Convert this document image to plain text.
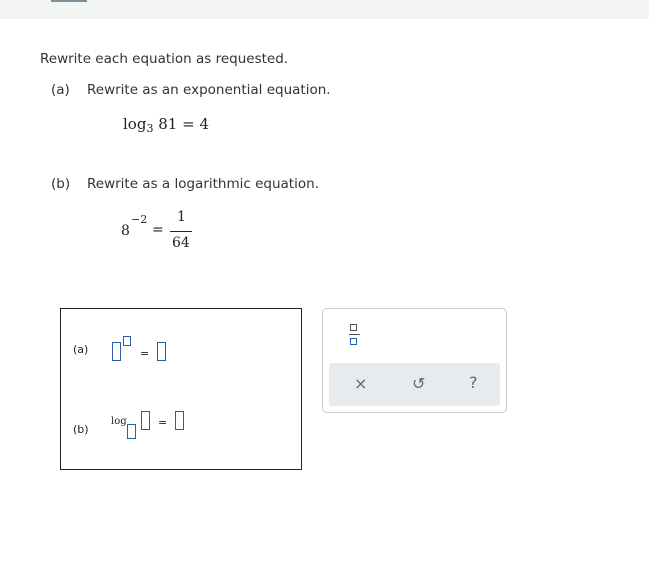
Rewrite each equation as requested.
(a) Rewrite as an exponential equation.
$\log_3 81 = 4$
(b) Rewrite as a logarithmic equation.
8
−2
=
1
64
(a)	=
(b)
log	=
×	↺	?
